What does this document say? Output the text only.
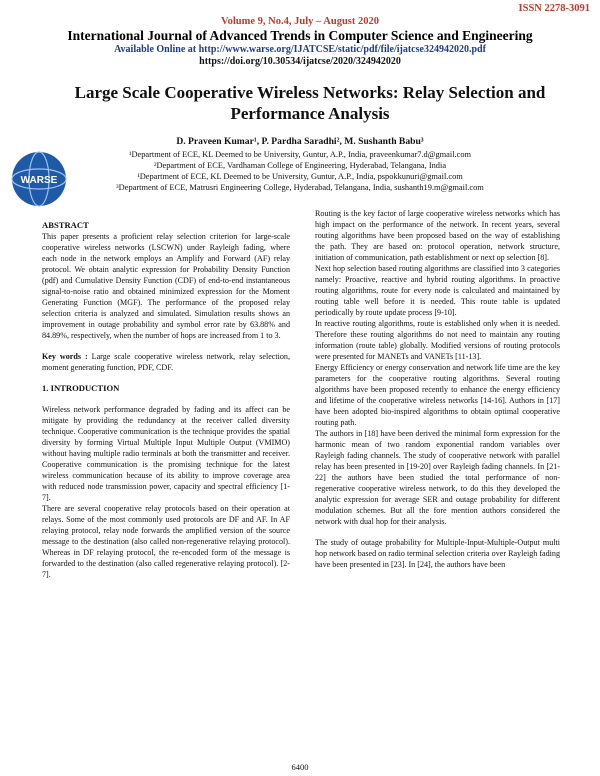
ISSN 2278-3091
Volume 9, No.4, July – August 2020
International Journal of Advanced Trends in Computer Science and Engineering
Available Online at http://www.warse.org/IJATCSE/static/pdf/file/ijatcse324942020.pdf
https://doi.org/10.30534/ijatcse/2020/324942020
WARSE
Large Scale Cooperative Wireless Networks: Relay Selection and Performance Analysis
D. Praveen Kumar¹, P. Pardha Saradhi², M. Sushanth Babu³
¹Department of ECE, KL Deemed to be University, Guntur, A.P., India, praveenkumar7.d@gmail.com
²Department of ECE, Vardhaman College of Engineering, Hyderabad, Telangana, India
¹Department of ECE, KL Deemed to be University, Guntur, A.P., India, pspokkunuri@gmail.com
³Department of ECE, Matrusri Engineering College, Hyderabad, Telangana, India, sushanth19.m@gmail.com

ABSTRACT

This paper presents a proficient relay selection criterion for large-scale cooperative wireless networks (LSCWN) under Rayleigh fading, where each node in the network employs an Amplify and Forward (AF) relay protocol. We obtain analytic expression for Probability Density Function (pdf) and Cumulative Density Function (CDF) of end-to-end instantaneous signal-to-noise ratio and obtained minimized expression for the Moment Generating Function (MGF). The performance of the proposed relay selection criteria is analyzed and simulated. Simulation results shows an improvement in outage probability and symbol error rate by 63.88% and 84.89%, respectively, when the number of hops are increased from 1 to 3.

Key words : Large scale cooperative wireless network, relay selection, moment generating function, PDF, CDF.

1. INTRODUCTION

Wireless network performance degraded by fading and its affect can be mitigate by providing the redundancy at the receiver called diversity technique. Cooperative communication is the technique provides the spatial diversity by forming Virtual Multiple Input Multiple Output (VMIMO) without having multiple radio terminals at both the transmitter and receiver. Cooperative communication is the promising technique for the latest wireless communication because of its ability to improve coverage area with reduced node transmission power, capacity and spectral efficiency [1-7].

There are several cooperative relay protocols based on their operation at relays. Some of the most commonly used protocols are DF and AF. In AF relaying protocol, relay node forwards the amplified version of the source message to the destination (also called non-regenerative relaying protocol). Whereas in DF relaying protocol, the re-encoded form of the message is forwarded to the destination (also called regenerative relaying protocol). [2-7].

Routing is the key factor of large cooperative wireless networks which has high impact on the performance of the network. In recent years, several routing algorithms have been proposed based on the way of establishing the path. They are based on: protocol operation, network structure, initiation of communication, path establishment or next op selection [8].

Next hop selection based routing algorithms are classified into 3 categories namely: Proactive, reactive and hybrid routing algorithms. In proactive routing algorithms, route for every node is calculated and maintained by routing table well before it is needed. This route table is updated periodically by route update process [9-10].

In reactive routing algorithms, route is established only when it is needed. Therefore these routing algorithms do not need to maintain any routing information (route table) globally. Modified versions of routing protocols were presented for MANETs and VANETs [11-13].

Energy Efficiency or energy conservation and network life time are the key parameters for the cooperative routing algorithms. Several routing algorithms have been proposed recently to enhance the energy efficiency and lifetime of the cooperative wireless networks [14-16]. Authors in [17] have been adopted bio-inspired algorithms to obtain optimal cooperative routing path.

The authors in [18] have been derived the minimal form expression for the harmonic mean of two random exponential random variables over Rayleigh fading channels. The study of cooperative network with parallel relay has been presented in [19-20] over Rayleigh fading channels. In [21-22] the authors have been studied the total performance of non-regenerative cooperative wireless network, to do this they developed the analytic expression for average SER and outage probability for different modulation schemes. But all the fore mention authors considered the network with dual hop for their analysis.

The study of outage probability for Multiple-Input-Multiple-Output multi hop network based on radio terminal selection criteria over Rayleigh fading have been presented in [23]. In [24], the authors have been

6400
